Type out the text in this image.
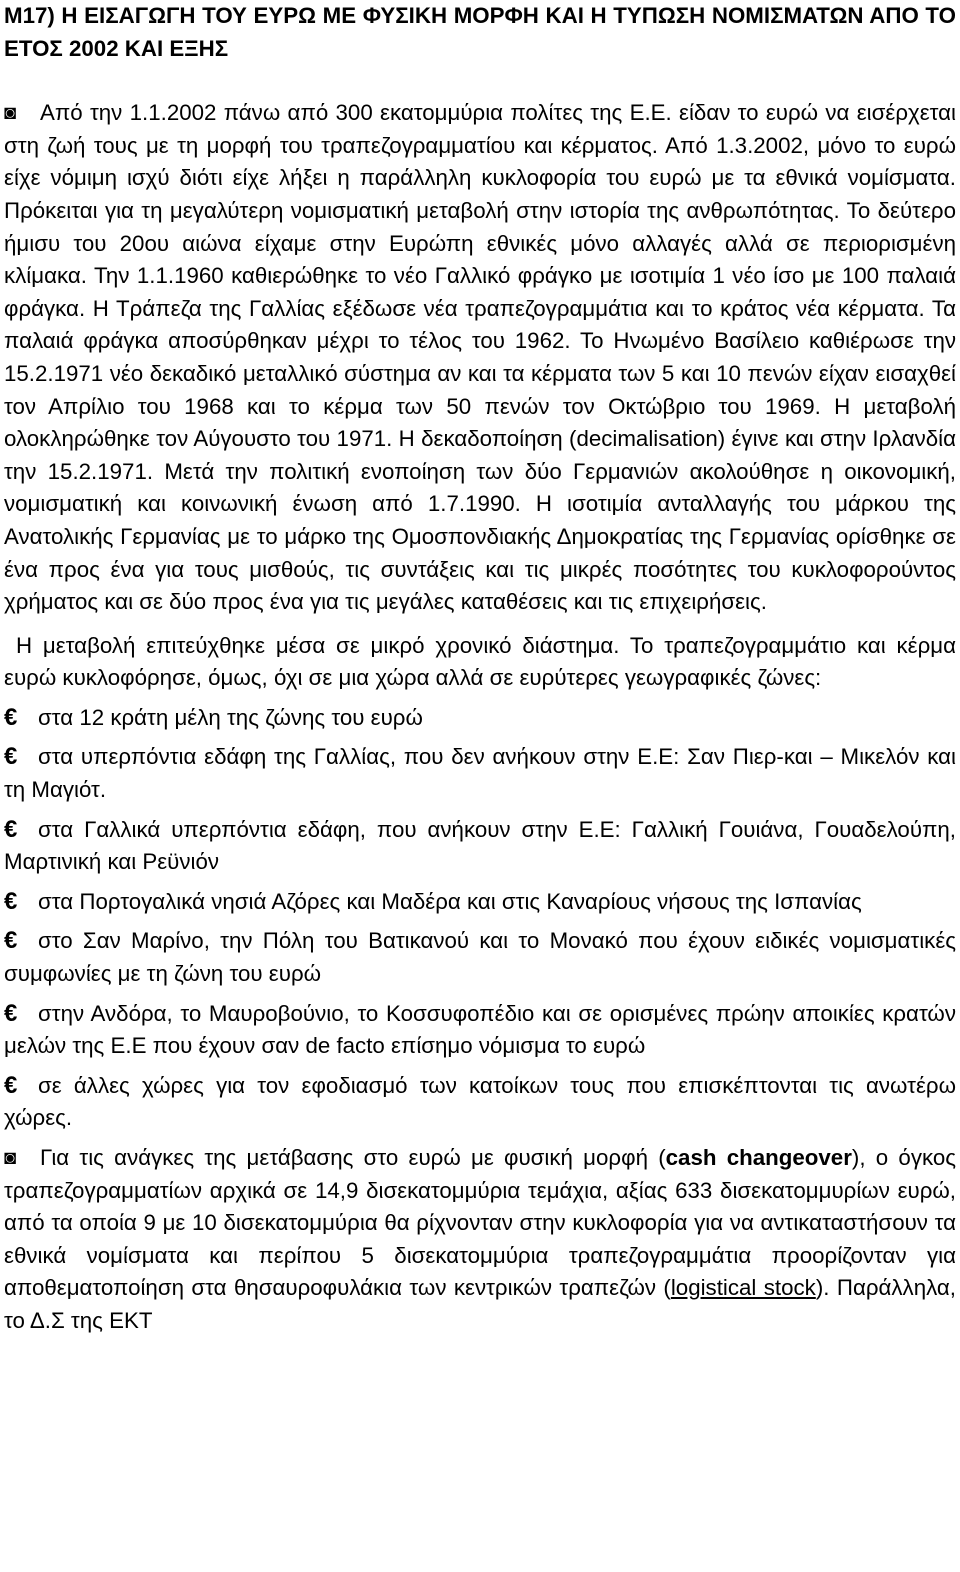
Μ17) Η ΕΙΣΑΓΩΓΗ ΤΟΥ ΕΥΡΩ ΜΕ ΦΥΣΙΚΗ ΜΟΡΦΗ ΚΑΙ Η ΤΥΠΩΣΗ ΝΟΜΙΣΜΑΤΩΝ ΑΠΟ ΤΟ ΕΤΟΣ 2002 ΚΑΙ ΕΞΗΣ

◙ Από την 1.1.2002 πάνω από 300 εκατομμύρια πολίτες της Ε.Ε. είδαν το ευρώ να εισέρχεται στη ζωή τους με τη μορφή του τραπεζογραμματίου και κέρματος. Από 1.3.2002, μόνο το ευρώ είχε νόμιμη ισχύ διότι είχε λήξει η παράλληλη κυκλοφορία του ευρώ με τα εθνικά νομίσματα. Πρόκειται για τη μεγαλύτερη νομισματική μεταβολή στην ιστορία της ανθρωπότητας. Το δεύτερο ήμισυ του 20ου αιώνα είχαμε στην Ευρώπη εθνικές μόνο αλλαγές αλλά σε περιορισμένη κλίμακα. Την 1.1.1960 καθιερώθηκε το νέο Γαλλικό φράγκο με ισοτιμία 1 νέο ίσο με 100 παλαιά φράγκα. Η Τράπεζα της Γαλλίας εξέδωσε νέα τραπεζογραμμάτια και το κράτος νέα κέρματα. Τα παλαιά φράγκα αποσύρθηκαν μέχρι το τέλος του 1962. Το Ηνωμένο Βασίλειο καθιέρωσε την 15.2.1971 νέο δεκαδικό μεταλλικό σύστημα αν και τα κέρματα των 5 και 10 πενών είχαν εισαχθεί τον Απρίλιο του 1968 και το κέρμα των 50 πενών τον Οκτώβριο του 1969. Η μεταβολή ολοκληρώθηκε τον Αύγουστο του 1971. Η δεκαδοποίηση (decimalisation) έγινε και στην Ιρλανδία την 15.2.1971. Μετά την πολιτική ενοποίηση των δύο Γερμανιών ακολούθησε η οικονομική, νομισματική και κοινωνική ένωση από 1.7.1990. Η ισοτιμία ανταλλαγής του μάρκου της Ανατολικής Γερμανίας με το μάρκο της Ομοσπονδιακής Δημοκρατίας της Γερμανίας ορίσθηκε σε ένα προς ένα για τους μισθούς, τις συντάξεις και τις μικρές ποσότητες του κυκλοφορούντος χρήματος και σε δύο προς ένα για τις μεγάλες καταθέσεις και τις επιχειρήσεις.

Η μεταβολή επιτεύχθηκε μέσα σε μικρό χρονικό διάστημα. Το τραπεζογραμμάτιο και κέρμα ευρώ κυκλοφόρησε, όμως, όχι σε μια χώρα αλλά σε ευρύτερες γεωγραφικές ζώνες:

€ στα 12 κράτη μέλη της ζώνης του ευρώ

€ στα υπερπόντια εδάφη της Γαλλίας, που δεν ανήκουν στην Ε.Ε: Σαν Πιερ-και – Μικελόν και τη Μαγιότ.

€ στα Γαλλικά υπερπόντια εδάφη, που ανήκουν στην Ε.Ε: Γαλλική Γουιάνα, Γουαδελούπη, Μαρτινική και Ρεϋνιόν

€ στα Πορτογαλικά νησιά Αζόρες και Μαδέρα και στις Καναρίους νήσους της Ισπανίας

€ στο Σαν Μαρίνο, την Πόλη του Βατικανού και το Μονακό που έχουν ειδικές νομισματικές συμφωνίες με τη ζώνη του ευρώ

€ στην Ανδόρα, το Μαυροβούνιο, το Κοσσυφοπέδιο και σε ορισμένες πρώην αποικίες κρατών μελών της Ε.Ε που έχουν σαν de facto επίσημο νόμισμα το ευρώ

€ σε άλλες χώρες για τον εφοδιασμό των κατοίκων τους που επισκέπτονται τις ανωτέρω χώρες.

◙ Για τις ανάγκες της μετάβασης στο ευρώ με φυσική μορφή (cash changeover), ο όγκος τραπεζογραμματίων αρχικά σε 14,9 δισεκατομμύρια τεμάχια, αξίας 633 δισεκατομμυρίων ευρώ, από τα οποία 9 με 10 δισεκατομμύρια θα ρίχνονταν στην κυκλοφορία για να αντικαταστήσουν τα εθνικά νομίσματα και περίπου 5 δισεκατομμύρια τραπεζογραμμάτια προορίζονταν για αποθεματοποίηση στα θησαυροφυλάκια των κεντρικών τραπεζών (logistical stock). Παράλληλα, το Δ.Σ της ΕΚΤ
